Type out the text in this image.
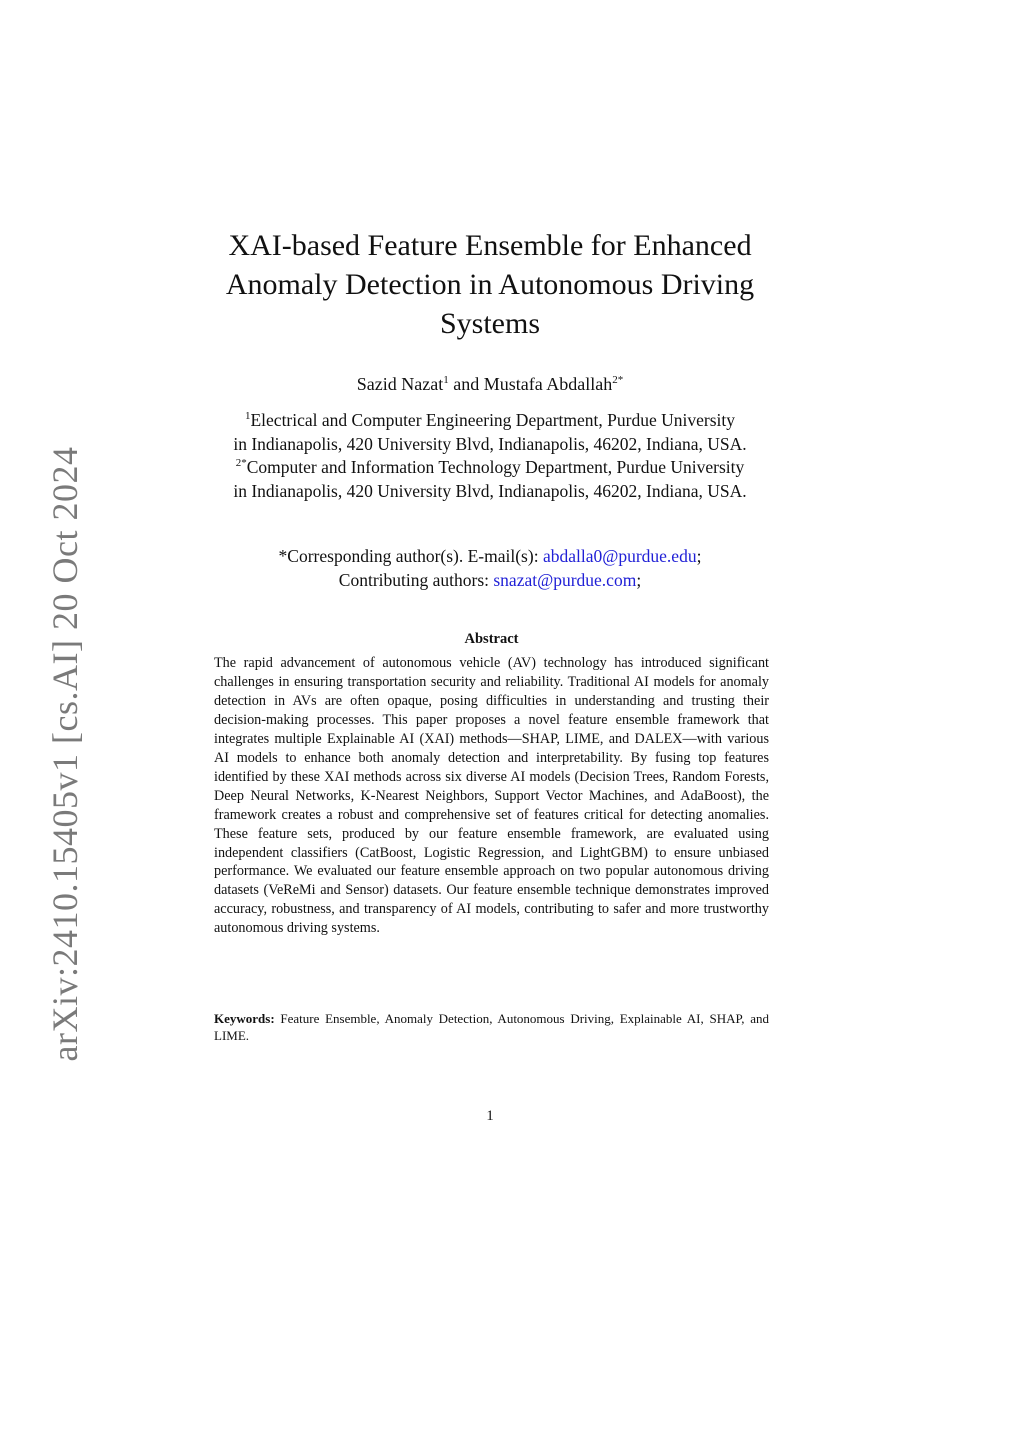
arXiv:2410.15405v1 [cs.AI] 20 Oct 2024
XAI-based Feature Ensemble for Enhanced
Anomaly Detection in Autonomous Driving
Systems
Sazid Nazat$^1$ and Mustafa Abdallah$^{2*}$
$^1$Electrical and Computer Engineering Department, Purdue University
in Indianapolis, 420 University Blvd, Indianapolis, 46202, Indiana, USA.
$^{2*}$Computer and Information Technology Department, Purdue University
in Indianapolis, 420 University Blvd, Indianapolis, 46202, Indiana, USA.
*Corresponding author(s). E-mail(s): abdalla0@purdue.edu;
Contributing authors: snazat@purdue.com;
Abstract

The rapid advancement of autonomous vehicle (AV) technology has introduced significant challenges in ensuring transportation security and reliability. Traditional AI models for anomaly detection in AVs are often opaque, posing difficulties in understanding and trusting their decision-making processes. This paper proposes a novel feature ensemble framework that integrates multiple Explainable AI (XAI) methods—SHAP, LIME, and DALEX—with various AI models to enhance both anomaly detection and interpretability. By fusing top features identified by these XAI methods across six diverse AI models (Decision Trees, Random Forests, Deep Neural Networks, K-Nearest Neighbors, Support Vector Machines, and AdaBoost), the framework creates a robust and comprehensive set of features critical for detecting anomalies. These feature sets, produced by our feature ensemble framework, are evaluated using independent classifiers (CatBoost, Logistic Regression, and LightGBM) to ensure unbiased performance. We evaluated our feature ensemble approach on two popular autonomous driving datasets (VeReMi and Sensor) datasets. Our feature ensemble technique demonstrates improved accuracy, robustness, and transparency of AI models, contributing to safer and more trustworthy autonomous driving systems.

Keywords: Feature Ensemble, Anomaly Detection, Autonomous Driving, Explainable AI, SHAP, and LIME.

1
